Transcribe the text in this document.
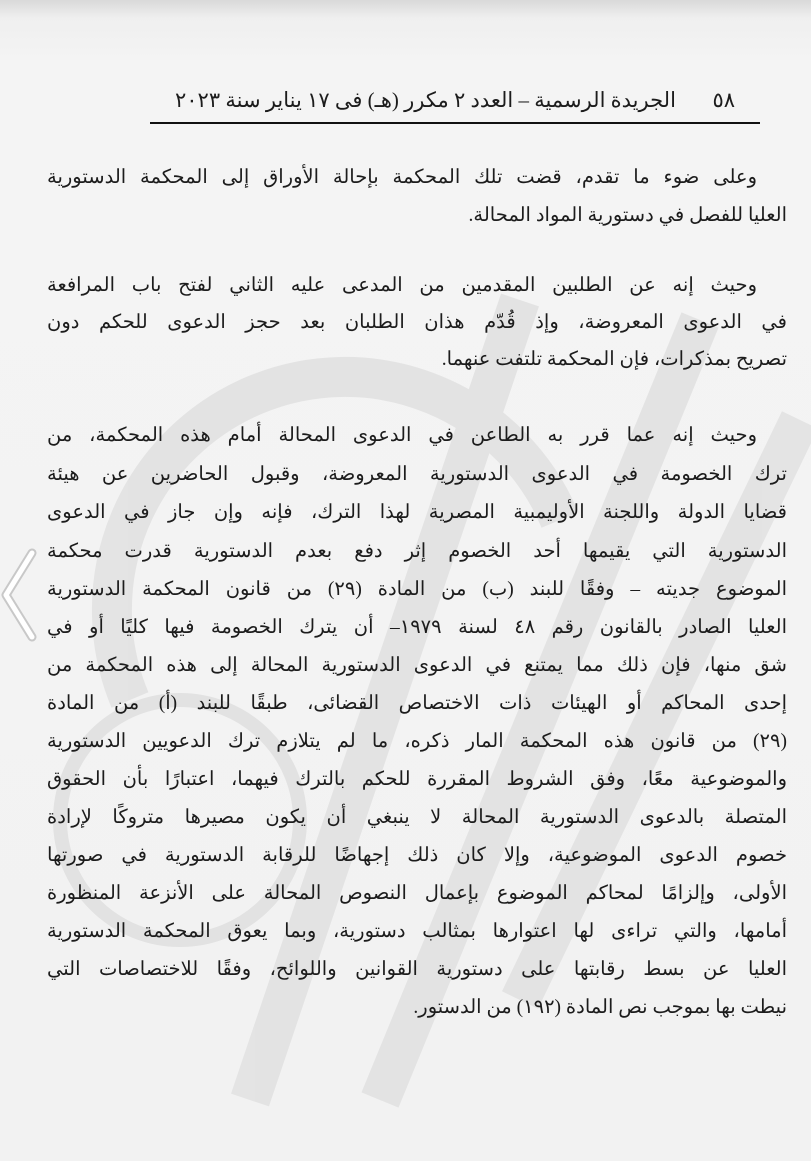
٥٨
الجريدة الرسمية – العدد ٢ مكرر (هـ) فى ١٧ يناير سنة ٢٠٢٣
وعلى ضوء ما تقدم، قضت تلك المحكمة بإحالة الأوراق إلى المحكمة الدستورية
العليا للفصل في دستورية المواد المحالة.
وحيث إنه عن الطلبين المقدمين من المدعى عليه الثاني لفتح باب المرافعة
في الدعوى المعروضة، وإذ قُدّم هذان الطلبان بعد حجز الدعوى للحكم دون
تصريح بمذكرات، فإن المحكمة تلتفت عنهما.
وحيث إنه عما قرر به الطاعن في الدعوى المحالة أمام هذه المحكمة، من
ترك الخصومة في الدعوى الدستورية المعروضة، وقبول الحاضرين عن هيئة
قضايا الدولة واللجنة الأوليمبية المصرية لهذا الترك، فإنه وإن جاز في الدعوى
الدستورية التي يقيمها أحد الخصوم إثر دفع بعدم الدستورية قدرت محكمة
الموضوع جديته – وفقًا للبند (ب) من المادة (٢٩) من قانون المحكمة الدستورية
العليا الصادر بالقانون رقم ٤٨ لسنة ١٩٧٩– أن يترك الخصومة فيها كليًا أو في
شق منها، فإن ذلك مما يمتنع في الدعوى الدستورية المحالة إلى هذه المحكمة من
إحدى المحاكم أو الهيئات ذات الاختصاص القضائى، طبقًا للبند (أ) من المادة
(٢٩) من قانون هذه المحكمة المار ذكره، ما لم يتلازم ترك الدعويين الدستورية
والموضوعية معًا، وفق الشروط المقررة للحكم بالترك فيهما، اعتبارًا بأن الحقوق
المتصلة بالدعوى الدستورية المحالة لا ينبغي أن يكون مصيرها متروكًا لإرادة
خصوم الدعوى الموضوعية، وإلا كان ذلك إجهاضًا للرقابة الدستورية في صورتها
الأولى، وإلزامًا لمحاكم الموضوع بإعمال النصوص المحالة على الأنزعة المنظورة
أمامها، والتي تراءى لها اعتوارها بمثالب دستورية، وبما يعوق المحكمة الدستورية
العليا عن بسط رقابتها على دستورية القوانين واللوائح، وفقًا للاختصاصات التي
نيطت بها بموجب نص المادة (١٩٢) من الدستور.
